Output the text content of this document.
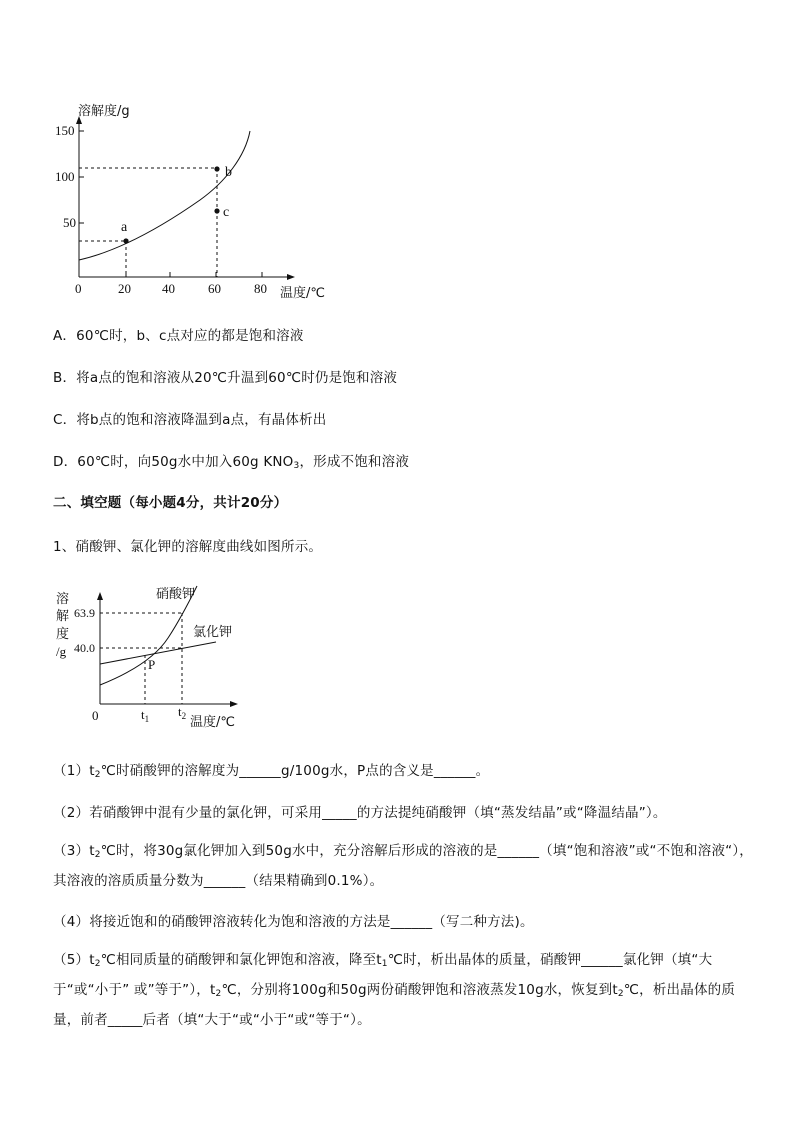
溶解度/g
150
100
50
0	20 40	60	80 温度/℃
a
b
c
A．60℃时，b、c点对应的都是饱和溶液
B．将a点的饱和溶液从20℃升温到60℃时仍是饱和溶液
C．将b点的饱和溶液降温到a点，有晶体析出
D．60℃时，向50g水中加入60g $KNO_3$，形成不饱和溶液
二、填空题（每小题4分，共计20分）
1、硝酸钾、氯化钾的溶解度曲线如图所示。
溶
解
度
/g
硝酸钾
氯化钾
63.9
40.0
P
0	$t_1$ $t_2$ 温度/℃
$(1)t_2℃$时硝酸钾的溶解度为______g/100g水，P点的含义是______。
（2）若硝酸钾中混有少量的氯化钾，可采用_____的方法提纯硝酸钾（填“蒸发结晶”或“降温结晶”）。
$(3)t_2℃$时，将30g氯化钾加入到50g水中，充分溶解后形成的溶液的是______（填“饱和溶液”或“不饱和溶液“），其溶液的溶质质量分数为______（结果精确到0.1%）。
（4）将接近饱和的硝酸钾溶液转化为饱和溶液的方法是______（写二种方法)。
$(5)t_2℃$相同质量的硝酸钾和氯化钾饱和溶液，降至$t_1℃$时，析出晶体的质量，硝酸钾______氯化钾（填“大于“或“小于” 或”等于”），$t_2℃$，分别将100g和50g两份硝酸钾饱和溶液蒸发10g水，恢复到$t_2℃$，析出晶体的质量，前者_____后者（填“大于“或“小于“或“等于“）。
